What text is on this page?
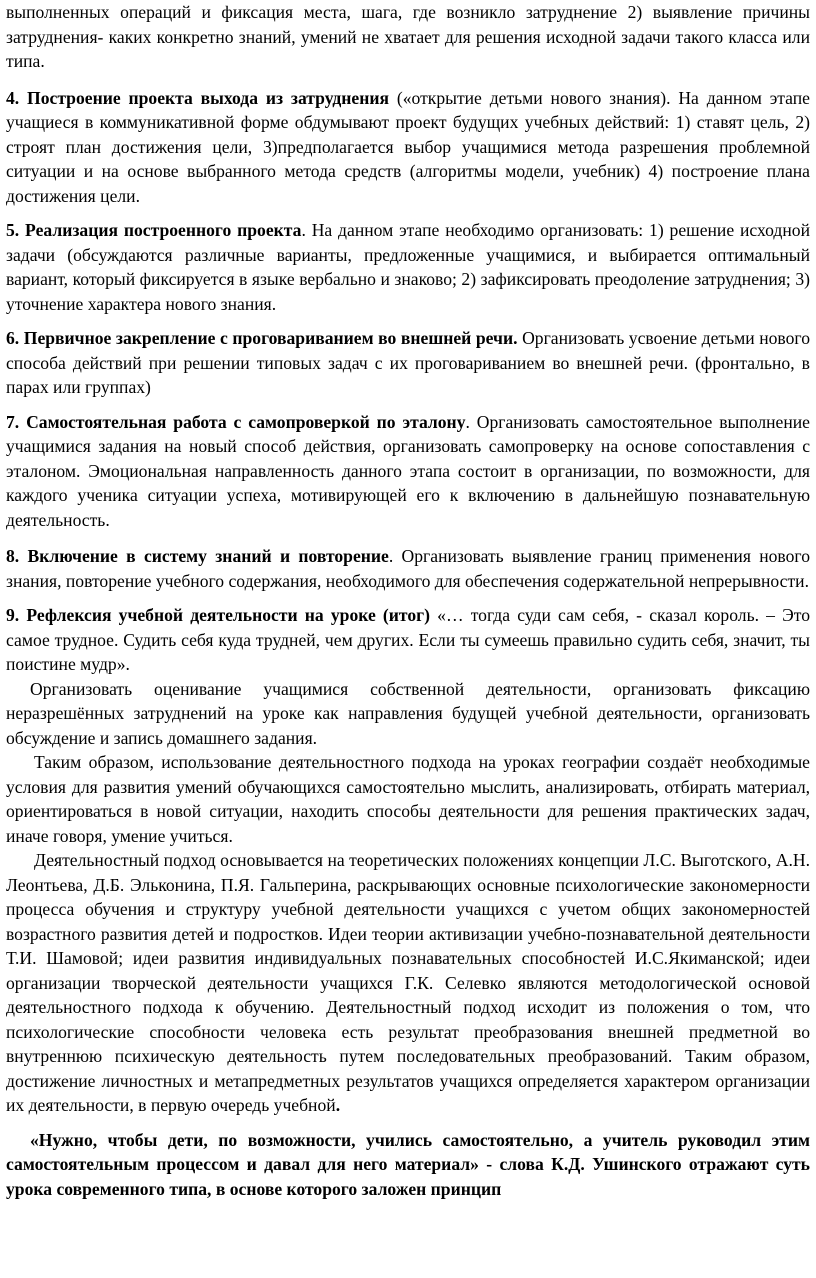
выполненных операций и фиксация места, шага, где возникло затруднение 2) выявление причины затруднения- каких конкретно знаний, умений не хватает для решения исходной задачи такого класса или типа.

4. Построение проекта выхода из затруднения («открытие детьми нового знания). На данном этапе учащиеся в коммуникативной форме обдумывают проект будущих учебных действий: 1) ставят цель, 2) строят план достижения цели, 3)предполагается выбор учащимися метода разрешения проблемной ситуации и на основе выбранного метода средств (алгоритмы модели, учебник) 4) построение плана достижения цели.

5. Реализация построенного проекта. На данном этапе необходимо организовать: 1) решение исходной задачи (обсуждаются различные варианты, предложенные учащимися, и выбирается оптимальный вариант, который фиксируется в языке вербально и знаково; 2) зафиксировать преодоление затруднения; 3) уточнение характера нового знания.

6. Первичное закрепление с проговариванием во внешней речи. Организовать усвоение детьми нового способа действий при решении типовых задач с их проговариванием во внешней речи. (фронтально, в парах или группах)

7. Самостоятельная работа с самопроверкой по эталону. Организовать самостоятельное выполнение учащимися задания на новый способ действия, организовать самопроверку на основе сопоставления с эталоном. Эмоциональная направленность данного этапа состоит в организации, по возможности, для каждого ученика ситуации успеха, мотивирующей его к включению в дальнейшую познавательную деятельность.

8. Включение в систему знаний и повторение. Организовать выявление границ применения нового знания, повторение учебного содержания, необходимого для обеспечения содержательной непрерывности.

9. Рефлексия учебной деятельности на уроке (итог) «… тогда суди сам себя, - сказал король. – Это самое трудное. Судить себя куда трудней, чем других. Если ты сумеешь правильно судить себя, значит, ты поистине мудр».

Организовать оценивание учащимися собственной деятельности, организовать фиксацию неразрешённых затруднений на уроке как направления будущей учебной деятельности, организовать обсуждение и запись домашнего задания.

Таким образом, использование деятельностного подхода на уроках географии создаёт необходимые условия для развития умений обучающихся самостоятельно мыслить, анализировать, отбирать материал, ориентироваться в новой ситуации, находить способы деятельности для решения практических задач, иначе говоря, умение учиться.

Деятельностный подход основывается на теоретических положениях концепции Л.С. Выготского, А.Н. Леонтьева, Д.Б. Эльконина, П.Я. Гальперина, раскрывающих основные психологические закономерности процесса обучения и структуру учебной деятельности учащихся с учетом общих закономерностей возрастного развития детей и подростков. Идеи теории активизации учебно-познавательной деятельности Т.И. Шамовой; идеи развития индивидуальных познавательных способностей И.С.Якиманской; идеи организации творческой деятельности учащихся Г.К. Селевко являются методологической основой деятельностного подхода к обучению. Деятельностный подход исходит из положения о том, что психологические способности человека есть результат преобразования внешней предметной во внутреннюю психическую деятельность путем последовательных преобразований. Таким образом, достижение личностных и метапредметных результатов учащихся определяется характером организации их деятельности, в первую очередь учебной.

«Нужно, чтобы дети, по возможности, учились самостоятельно, а учитель руководил этим самостоятельным процессом и давал для него материал» - слова К.Д. Ушинского отражают суть урока современного типа, в основе которого заложен принцип
